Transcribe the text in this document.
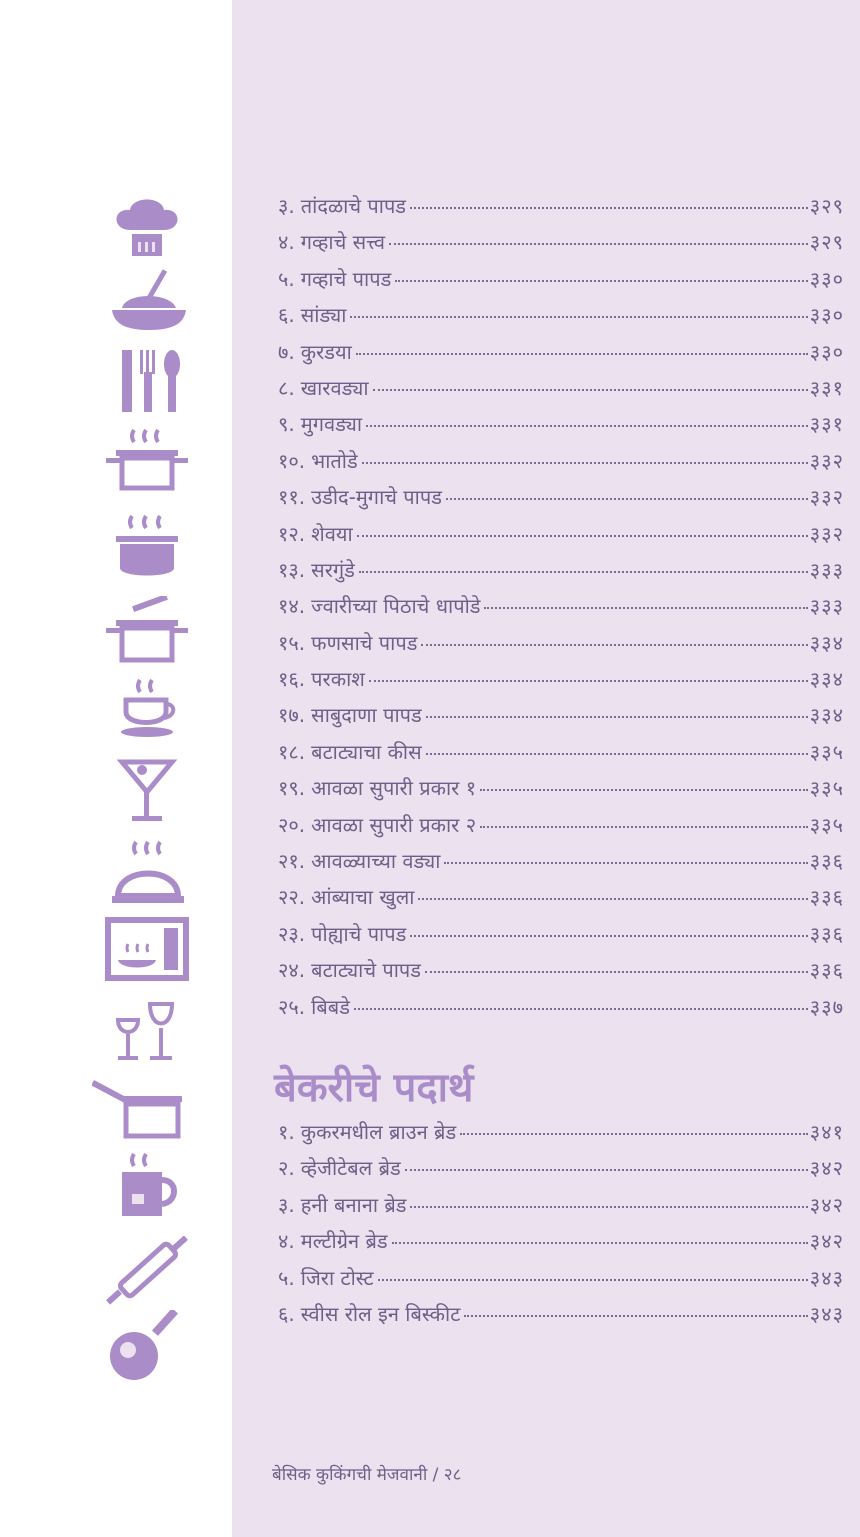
३. तांदळाचे पापड	३२९
४. गव्हाचे सत्त्व	३२९
५. गव्हाचे पापड	३३०
६. सांड्या	३३०
७. कुरडया	३३०
८. खारवड्या	३३१
९. मुगवड्या	३३१
१०. भातोडे	३३२
११. उडीद-मुगाचे पापड	३३२
१२. शेवया	३३२
१३. सरगुंडे	३३३
१४. ज्वारीच्या पिठाचे धापोडे	३३३
१५. फणसाचे पापड	३३४
१६. परकाश	३३४
१७. साबुदाणा पापड	३३४
१८. बटाट्याचा कीस	३३५
१९. आवळा सुपारी प्रकार १	३३५
२०. आवळा सुपारी प्रकार २	३३५
२१. आवळ्याच्या वड्या	३३६
२२. आंब्याचा खुला	३३६
२३. पोह्याचे पापड	३३६
२४. बटाट्याचे पापड	३३६
२५. बिबडे	३३७
बेकरीचे पदार्थ
१. कुकरमधील ब्राउन ब्रेड	३४१
२. व्हेजीटेबल ब्रेड	३४२
३. हनी बनाना ब्रेड	३४२
४. मल्टीग्रेन ब्रेड	३४२
५. जिरा टोस्ट	३४३
६. स्वीस रोल इन बिस्कीट	३४३
बेसिक कुकिंगची मेजवानी / २८
